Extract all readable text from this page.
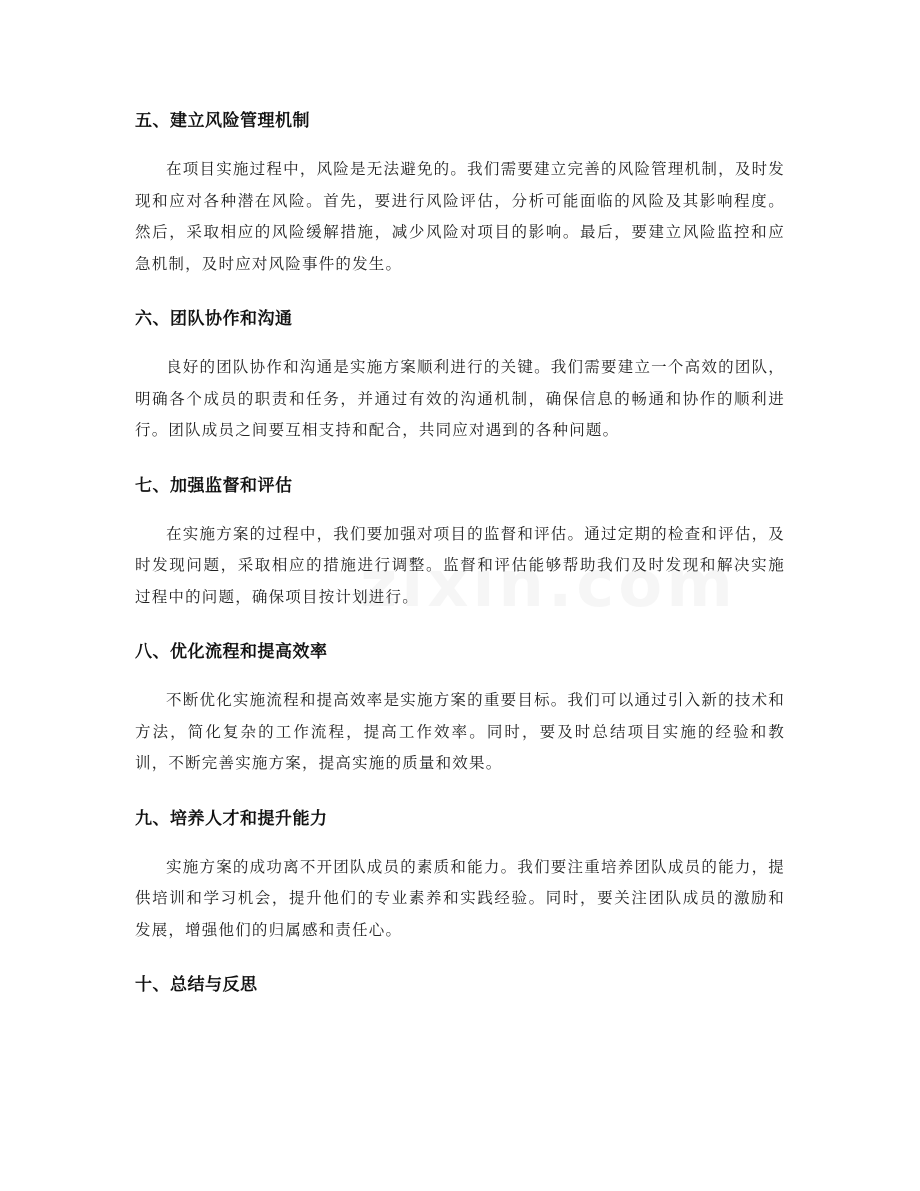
五、建立风险管理机制

在项目实施过程中，风险是无法避免的。我们需要建立完善的风险管理机制，及时发现和应对各种潜在风险。首先，要进行风险评估，分析可能面临的风险及其影响程度。然后，采取相应的风险缓解措施，减少风险对项目的影响。最后，要建立风险监控和应急机制，及时应对风险事件的发生。

六、团队协作和沟通

良好的团队协作和沟通是实施方案顺利进行的关键。我们需要建立一个高效的团队，明确各个成员的职责和任务，并通过有效的沟通机制，确保信息的畅通和协作的顺利进行。团队成员之间要互相支持和配合，共同应对遇到的各种问题。

七、加强监督和评估

在实施方案的过程中，我们要加强对项目的监督和评估。通过定期的检查和评估，及时发现问题，采取相应的措施进行调整。监督和评估能够帮助我们及时发现和解决实施过程中的问题，确保项目按计划进行。

八、优化流程和提高效率

不断优化实施流程和提高效率是实施方案的重要目标。我们可以通过引入新的技术和方法，简化复杂的工作流程，提高工作效率。同时，要及时总结项目实施的经验和教训，不断完善实施方案，提高实施的质量和效果。

九、培养人才和提升能力

实施方案的成功离不开团队成员的素质和能力。我们要注重培养团队成员的能力，提供培训和学习机会，提升他们的专业素养和实践经验。同时，要关注团队成员的激励和发展，增强他们的归属感和责任心。

十、总结与反思
